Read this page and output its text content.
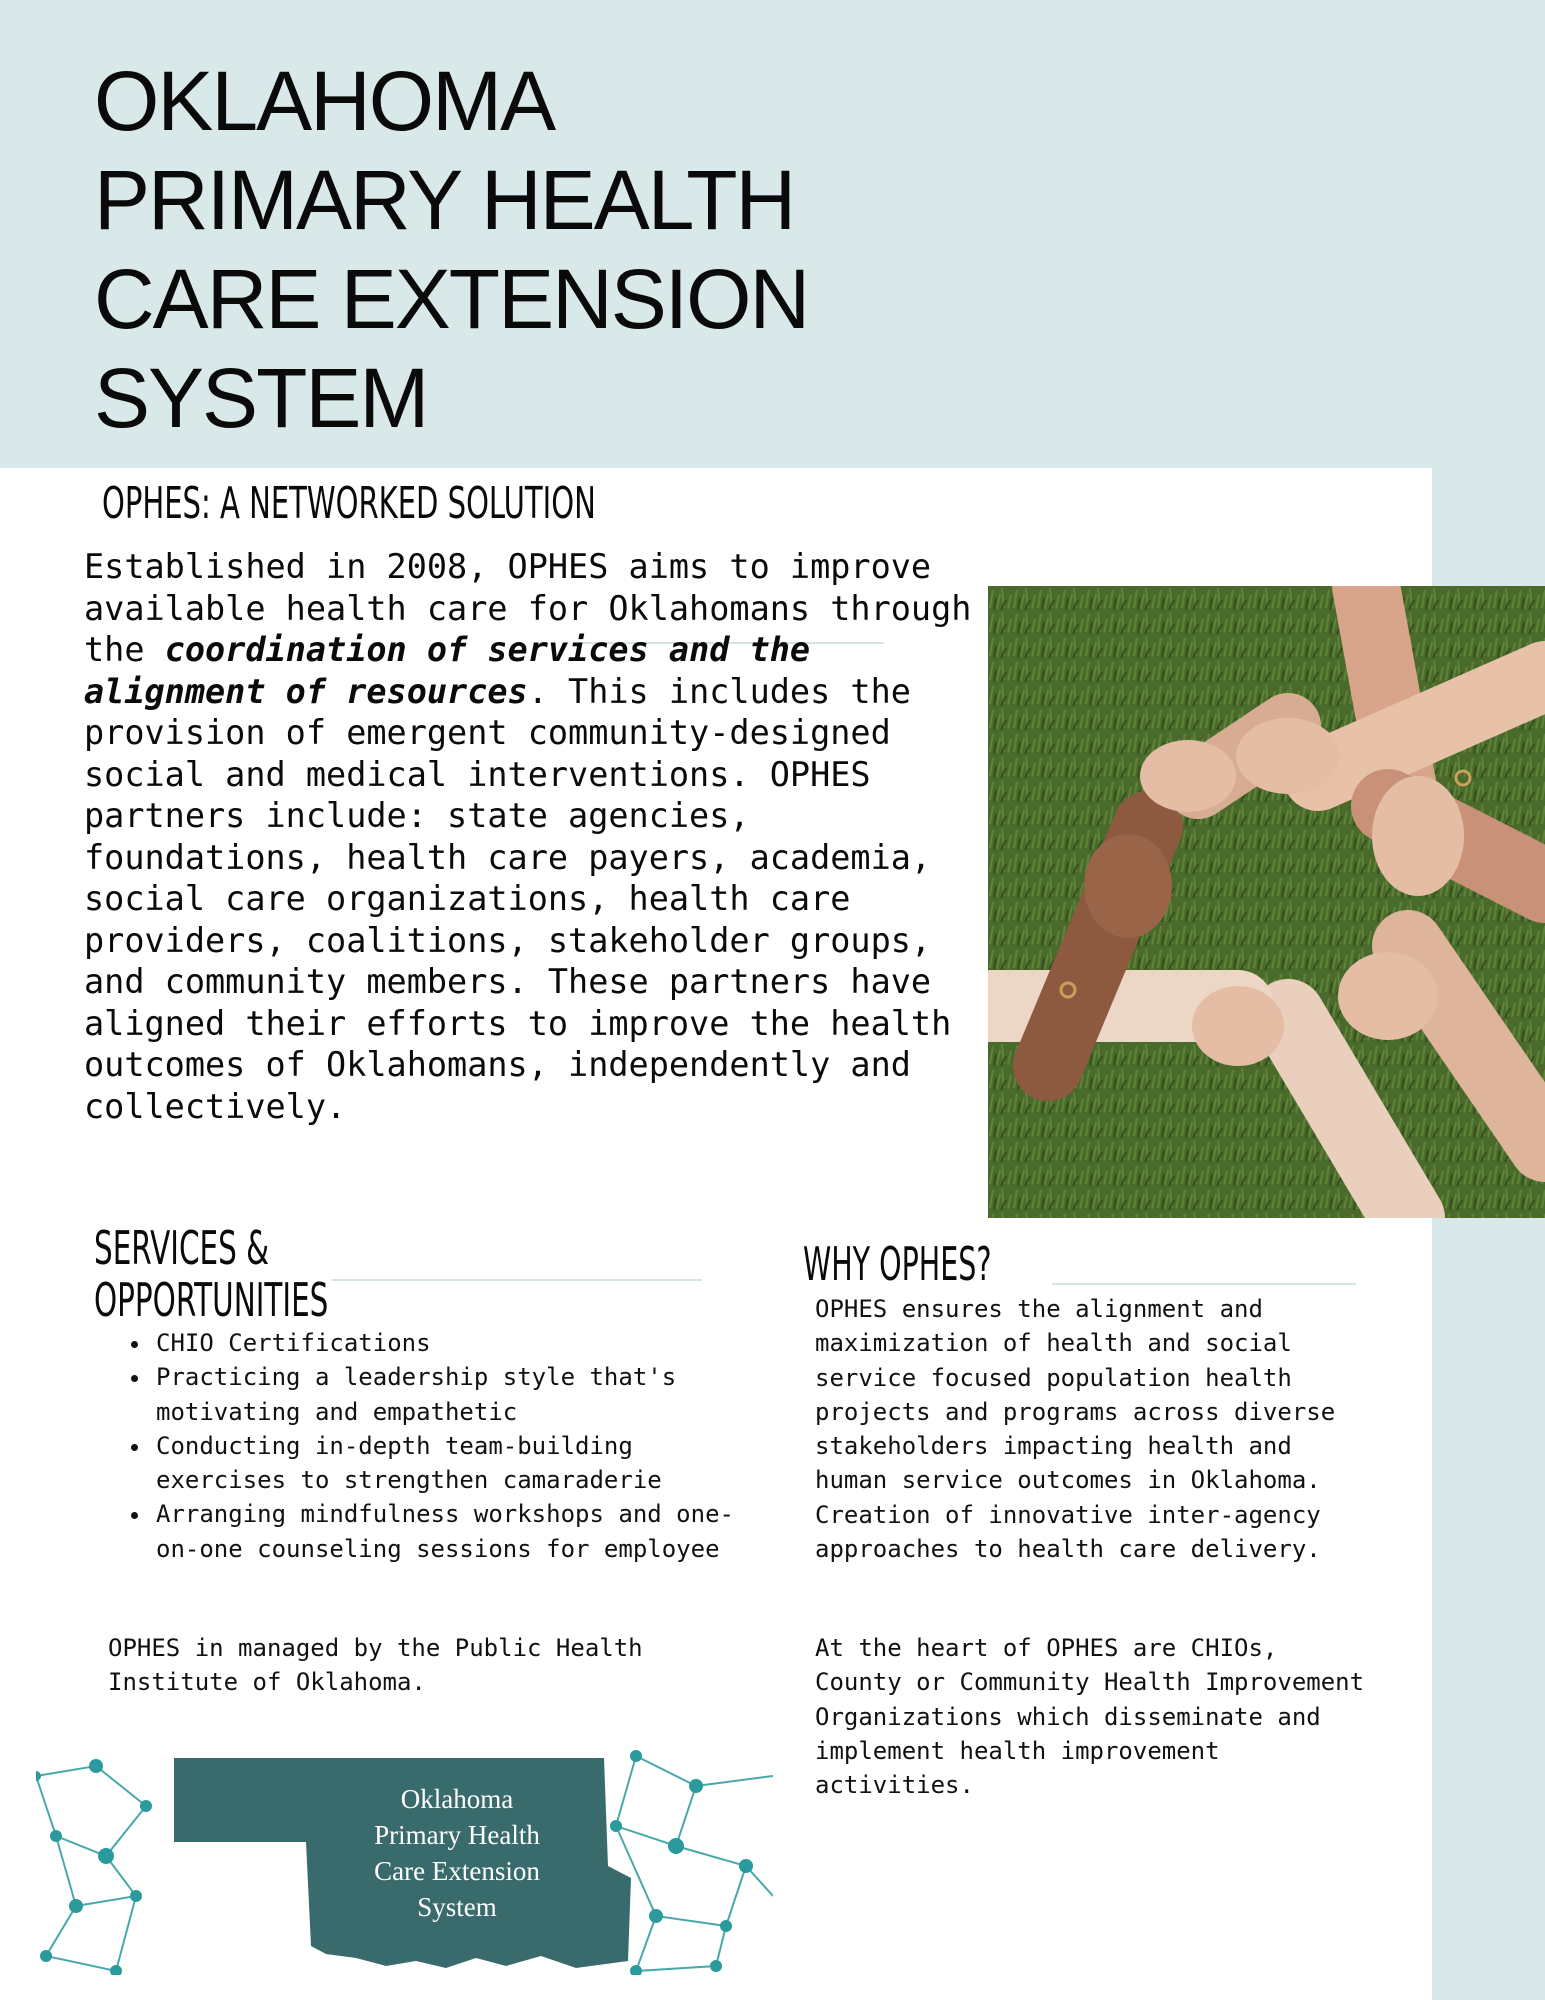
OKLAHOMA
PRIMARY HEALTH
CARE EXTENSION
SYSTEM
OPHES: A NETWORKED SOLUTION

Established in 2008, OPHES aims to improve available health care for Oklahomans through the coordination of services and the alignment of resources. This includes the provision of emergent community-designed social and medical interventions. OPHES partners include: state agencies, foundations, health care payers, academia, social care organizations, health care providers, coalitions, stakeholder groups, and community members. These partners have aligned their efforts to improve the health outcomes of Oklahomans, independently and collectively.

SERVICES &
OPPORTUNITIES
• CHIO Certifications
• Practicing a leadership style that's motivating and empathetic
• Conducting in-depth team-building exercises to strengthen camaraderie
• Arranging mindfulness workshops and one-on-one counseling sessions for employee

OPHES in managed by the Public Health Institute of Oklahoma.

WHY OPHES?

OPHES ensures the alignment and maximization of health and social service focused population health projects and programs across diverse stakeholders impacting health and human service outcomes in Oklahoma. Creation of innovative inter-agency approaches to health care delivery.

At the heart of OPHES are CHIOs, County or Community Health Improvement Organizations which disseminate and implement health improvement activities.

Oklahoma
Primary Health
Care Extension
System
